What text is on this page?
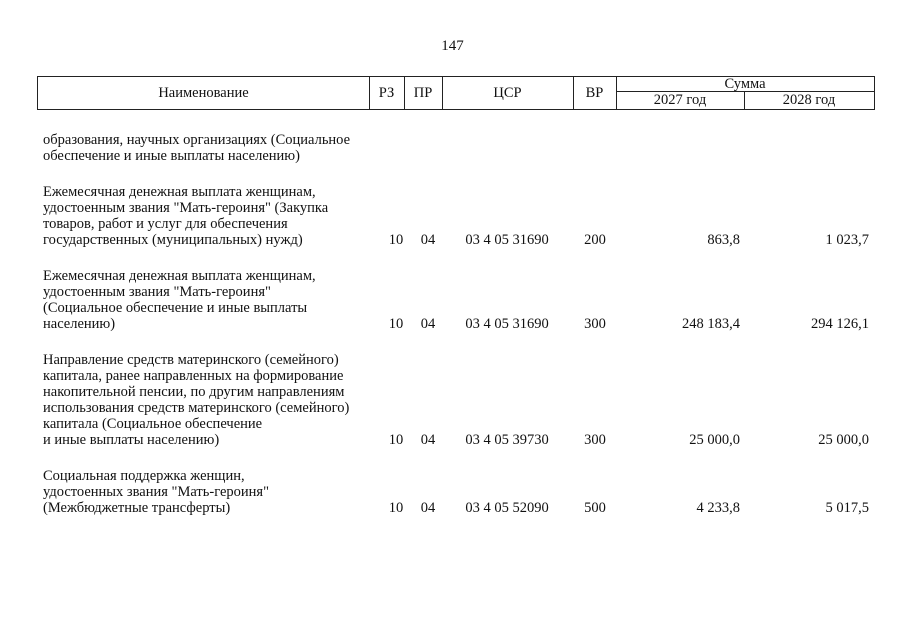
147
Наименование	РЗ	ПР	ЦСР	ВР
Сумма
2027 год	2028 год
образования, научных организациях (Социальное
обеспечение и иные выплаты населению)
Ежемесячная денежная выплата женщинам,
удостоенным звания "Мать-героиня" (Закупка
товаров, работ и услуг для обеспечения
государственных (муниципальных) нужд)	10	04	03 4 05 31690	200	863,8	1 023,7
Ежемесячная денежная выплата женщинам,
удостоенным звания "Мать-героиня"
(Социальное обеспечение и иные выплаты
населению)	10	04	03 4 05 31690	300	248 183,4	294 126,1
Направление средств материнского (семейного)
капитала, ранее направленных на формирование
накопительной пенсии, по другим направлениям
использования средств материнского (семейного)
капитала (Социальное обеспечение
и иные выплаты населению)	10	04	03 4 05 39730	300	25 000,0	25 000,0
Социальная поддержка женщин,
удостоенных звания "Мать-героиня"
(Межбюджетные трансферты)	10	04	03 4 05 52090	500	4 233,8	5 017,5
